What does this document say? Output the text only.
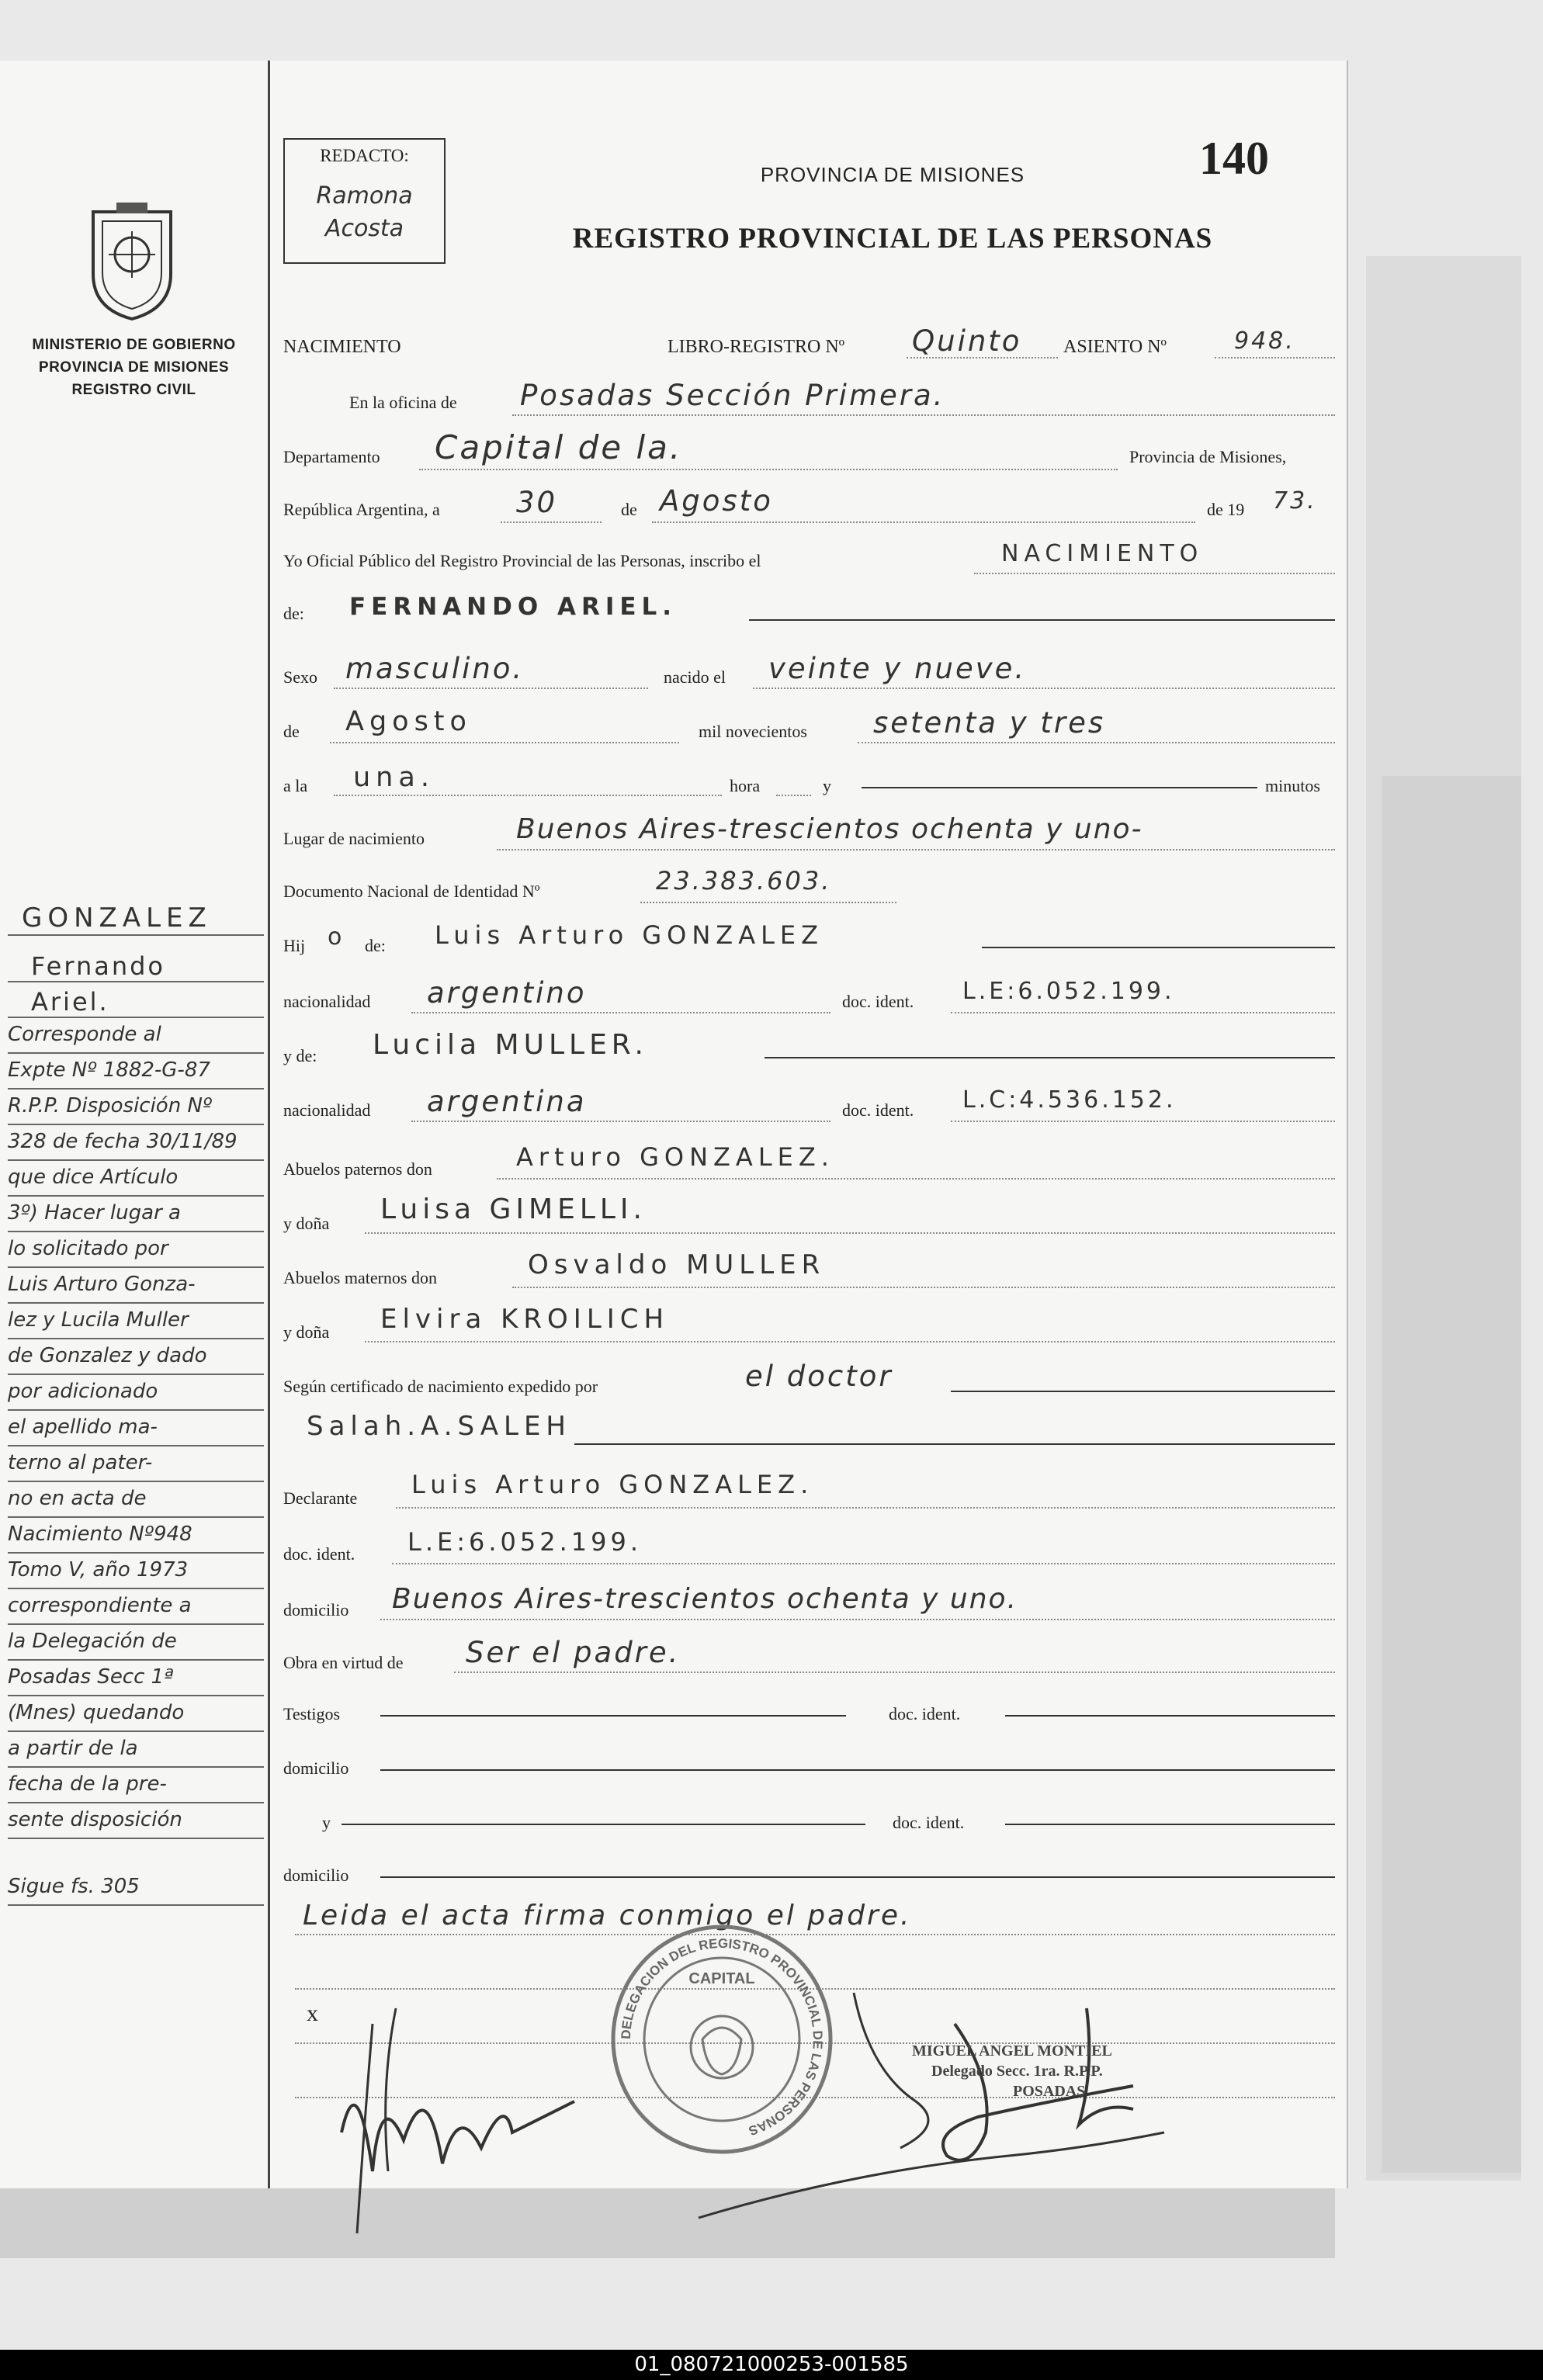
MINISTERIO DE GOBIERNO
PROVINCIA DE MISIONES
REGISTRO CIVIL
GONZALEZ
Fernando
Ariel.
Corresponde al
Expte Nº 1882-G-87
R.P.P. Disposición Nº
328 de fecha 30/11/89
que dice Artículo
3º) Hacer lugar a
lo solicitado por
Luis Arturo Gonza-
lez y Lucila Muller
de Gonzalez y dado
por adicionado
el apellido ma-
terno al pater-
no en acta de
Nacimiento Nº948
Tomo V, año 1973
correspondiente a
la Delegación de
Posadas Secc 1ª
(Mnes) quedando
a partir de la
fecha de la pre-
sente disposición
Sigue fs. 305
REDACTO:
Ramona
Acosta
PROVINCIA DE MISIONES
REGISTRO PROVINCIAL DE LAS PERSONAS
140
NACIMIENTO	LIBRO-REGISTRO Nº Quinto ASIENTO Nº	948.
En la oficina de Posadas Sección Primera.
Departamento Capital de la.	Provincia de Misiones,
República Argentina, a	30	de Agosto	de 19 73.
Yo Oficial Público del Registro Provincial de las Personas, inscribo el	NACIMIENTO
de: FERNANDO ARIEL.
Sexo masculino.	nacido el veinte y nueve.
de Agosto	mil novecientos setenta y tres
a la una.	hora	y	minutos
Lugar de nacimiento	Buenos Aires-trescientos ochenta y uno-
Documento Nacional de Identidad Nº	23.383.603.
Hij o de: Luis Arturo GONZALEZ
nacionalidad argentino	doc. ident. L.E:6.052.199.
y de: Lucila MULLER.
nacionalidad argentina	doc. ident. L.C:4.536.152.
Abuelos paternos don	Arturo GONZALEZ.
y doña Luisa GIMELLI.
Abuelos maternos don	Osvaldo MULLER
y doña Elvira KROILICH
Según certificado de nacimiento expedido por	el doctor
Salah.A.SALEH
Declarante Luis Arturo GONZALEZ.
doc. ident. L.E:6.052.199.
domicilio Buenos Aires-trescientos ochenta y uno.
Obra en virtud de Ser el padre.
Testigos	doc. ident.
domicilio
y	doc. ident.
domicilio
Leida el acta firma conmigo el padre.
x
DELEGACION DEL REGISTRO PROVINCIAL DE LAS PERSONAS
CAPITAL
MIGUEL ANGEL MONTIEL
Delegado Secc. 1ra. R.P.P.
POSADAS
01_080721000253-001585
